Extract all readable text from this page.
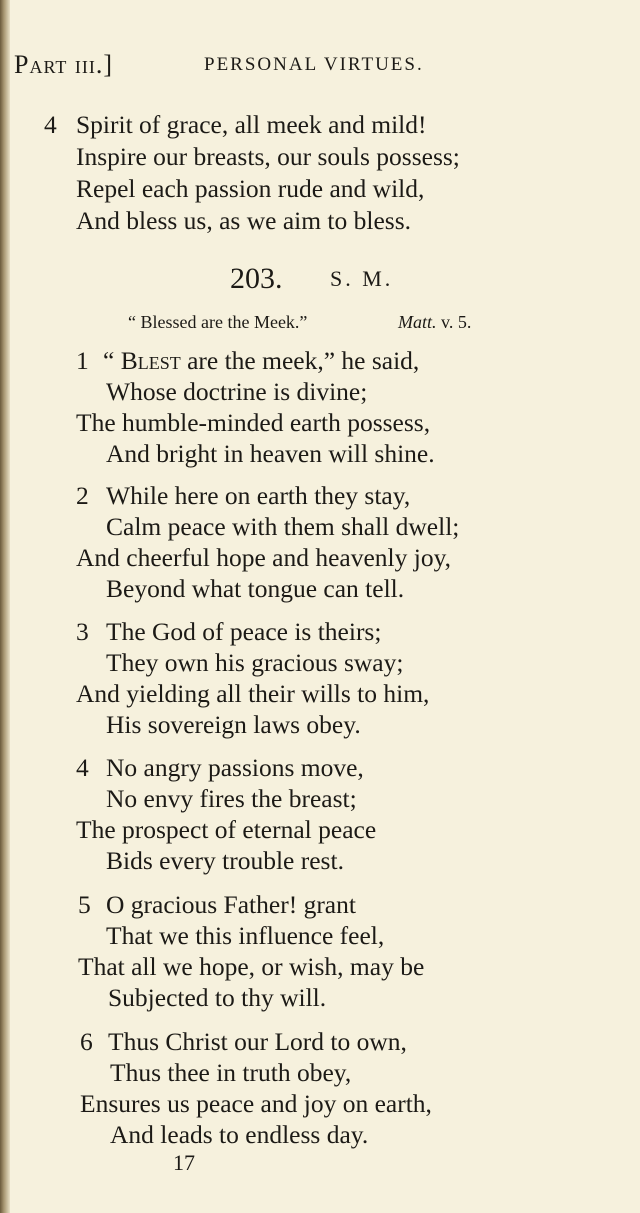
Part iii.]	PERSONAL VIRTUES.
4 Spirit of grace, all meek and mild!
Inspire our breasts, our souls possess;
Repel each passion rude and wild,
And bless us, as we aim to bless.
203. S. M.
“ Blessed are the Meek.”	Matt. v. 5.
1 “ Blest are the meek,” he said,
Whose doctrine is divine;
The humble-minded earth possess,
And bright in heaven will shine.
2 While here on earth they stay,
Calm peace with them shall dwell;
And cheerful hope and heavenly joy,
Beyond what tongue can tell.
3 The God of peace is theirs;
They own his gracious sway;
And yielding all their wills to him,
His sovereign laws obey.
4 No angry passions move,
No envy fires the breast;
The prospect of eternal peace
Bids every trouble rest.
5 O gracious Father! grant
That we this influence feel,
That all we hope, or wish, may be
Subjected to thy will.
6 Thus Christ our Lord to own,
Thus thee in truth obey,
Ensures us peace and joy on earth,
And leads to endless day.
17
